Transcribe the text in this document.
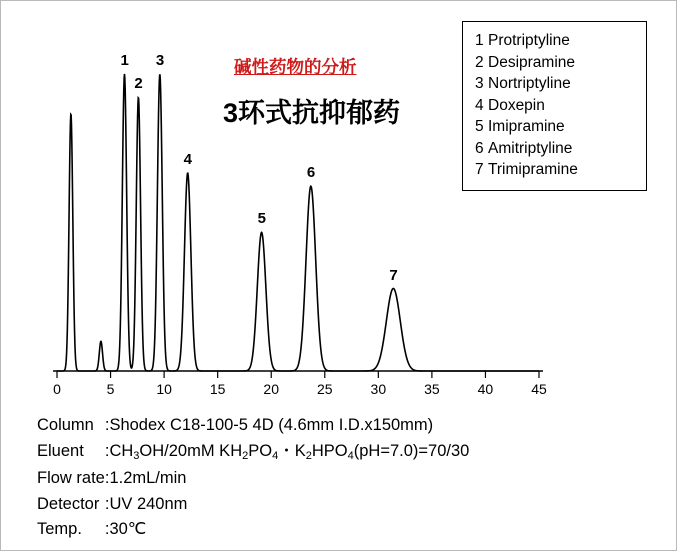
1 Protriptyline
2 Desipramine
3 Nortriptyline
4 Doxepin
5 Imipramine
6 Amitriptyline
7 Trimipramine
碱性药物的分析
3环式抗抑郁药
0	5	10	15	20	25	30	35	40	45
1
2
3
4
5
6
7
Column	:	Shodex C18-100-5 4D (4.6mm I.D.x150mm)
Eluent	:	$CH_3OH/20mM$ $KH_2PO_4$・$K_2HPO_4(pH=7.0)=70/30$
Flow rate	:	1.2mL/min
Detector	:	UV 240nm
Temp.	:	30℃
